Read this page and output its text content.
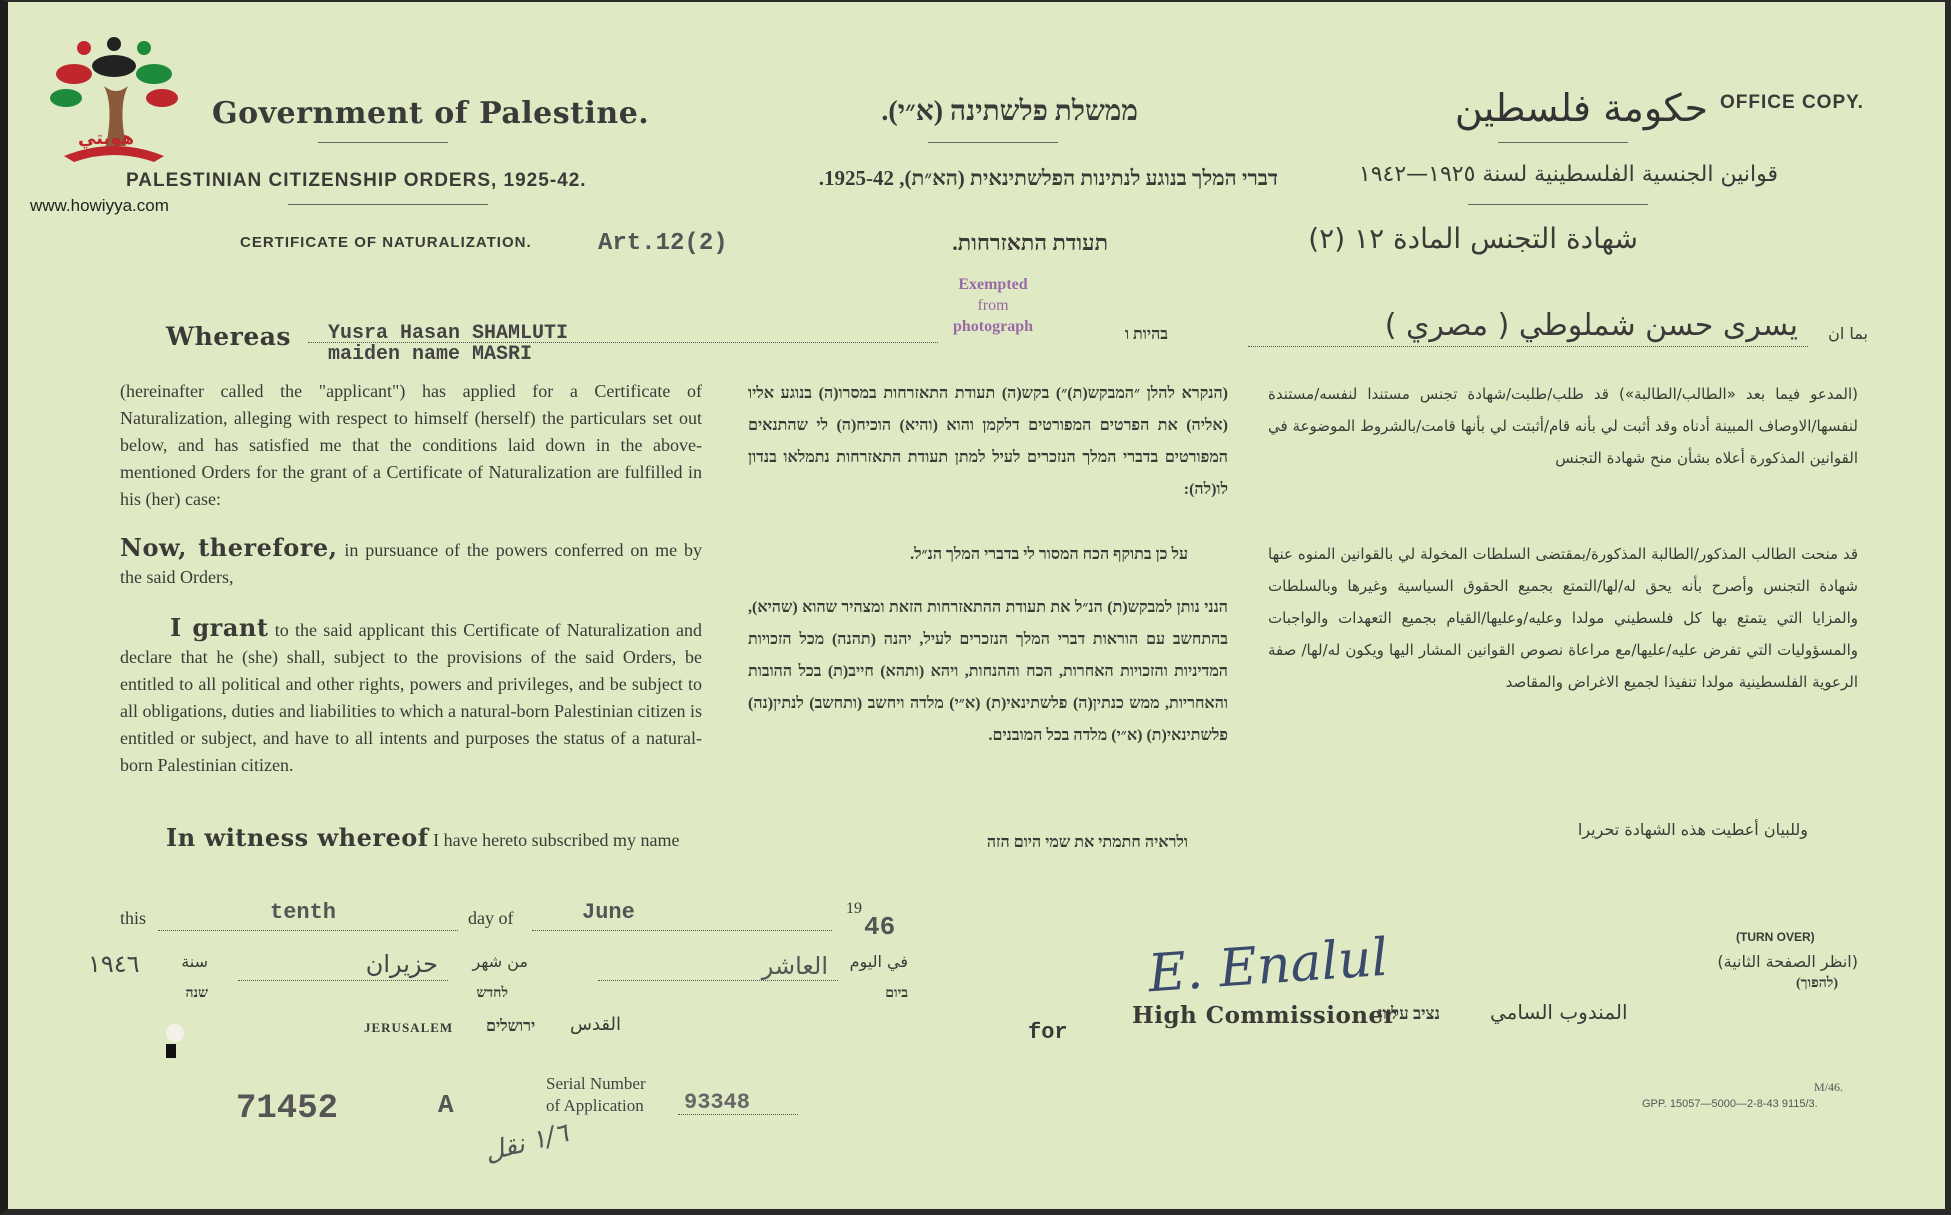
هويتي
www.howiyya.com
Government of Palestine.	ממשלת פלשתינה (א״י).	حكومة فلسطين OFFICE COPY.
PALESTINIAN CITIZENSHIP ORDERS, 1925-42.	דברי המלך בנוגע לנתינות הפלשתינאית (הא״ת), 1925-42.	قوانين الجنسية الفلسطينية لسنة ١٩٢٥—١٩٤٢
CERTIFICATE OF NATURALIZATION.	Art.12(2)	תעודת התאזרחות.	شهادة التجنس المادة ١٢ (٢)
Exempted
from
photograph
Whereas Yusra Hasan SHAMLUTI
maiden name MASRI
בהיות ו	بما ان
يسرى حسن شملوطي ( مصري )
(hereinafter called the "applicant") has applied for a Certificate of Naturalization, alleging with respect to himself (herself) the particulars set out below, and has satisfied me that the conditions laid down in the above-mentioned Orders for the grant of a Certificate of Naturalization are fulfilled in his (her) case:
Now, therefore, in pursuance of the powers conferred on me by the said Orders,
I grant to the said applicant this Certificate of Naturalization and declare that he (she) shall, subject to the provisions of the said Orders, be entitled to all political and other rights, powers and privileges, and be subject to all obligations, duties and liabilities to which a natural-born Palestinian citizen is entitled or subject, and have to all intents and purposes the status of a natural-born Palestinian citizen.
In witness whereof I have hereto subscribed my name
(הנקרא להלן ״המבקש(ת)״) בקש(ה) תעודת התאזרחות במסרו(ה) בנוגע אליו (אליה) את הפרטים המפורטים דלקמן והוא (והיא) הוכיח(ה) לי שהתנאים המפורטים בדברי המלך הנזכרים לעיל למתן תעודת התאזרחות נתמלאו בנדון לו(לה):
על כן בתוקף הכח המסור לי בדברי המלך הנ״ל.
הנני נותן למבקש(ת) הנ״ל את תעודת ההתאזרחות הזאת ומצהיר שהוא (שהיא), בהתחשב עם הוראות דברי המלך הנזכרים לעיל, יהנה (תהנה) מכל הזכויות המדיניות והזכויות האחרות, הכח וההנחות, ויהא (ותהא) חייב(ת) בכל ההובות והאחריות, ממש כנתין(ה) פלשתינאי(ת) (א״י) מלדה ויחשב (ותחשב) לנתין(נה) פלשתינאי(ת) (א״י) מלדה בכל המובנים.
ולראיה חתמתי את שמי היום הזה
(المدعو فيما بعد «الطالب/الطالبة») قد طلب/طلبت/شهادة تجنس مستندا لنفسه/مستندة لنفسها/الاوصاف المبينة أدناه وقد أثبت لي بأنه قام/أثبتت لي بأنها قامت/بالشروط الموضوعة في القوانين المذكورة أعلاه بشأن منح شهادة التجنس
قد منحت الطالب المذكور/الطالبة المذكورة/بمقتضى السلطات المخولة لي بالقوانين المنوه عنها شهادة التجنس وأصرح بأنه يحق له/لها/التمتع بجميع الحقوق السياسية وغيرها وبالسلطات والمزايا التي يتمتع بها كل فلسطيني مولدا وعليه/وعليها/القيام بجميع التعهدات والواجبات والمسؤوليات التي تفرض عليه/عليها/مع مراعاة نصوص القوانين المشار اليها ويكون له/لها/ صفة الرعوية الفلسطينية مولدا تنفيذا لجميع الاغراض والمقاصد
وللبيان أعطيت هذه الشهادة تحريرا
this	tenth	day of	June	19
46
في اليوم
ביום
العاشر
من شهر
לחדש
حزيران
سنة
שנה
١٩٤٦
JERUSALEM ירושלים القدس	for
E. Enalul
High Commissioner
נציב עליון المندوب السامي
(TURN OVER)
(انظر الصفحة الثانية)
(להפוך)
71452	A
Serial Number
of Application 93348
M/46.
GPP. 15057—5000—2-8-43 9115/3.
١/٦ نقل
